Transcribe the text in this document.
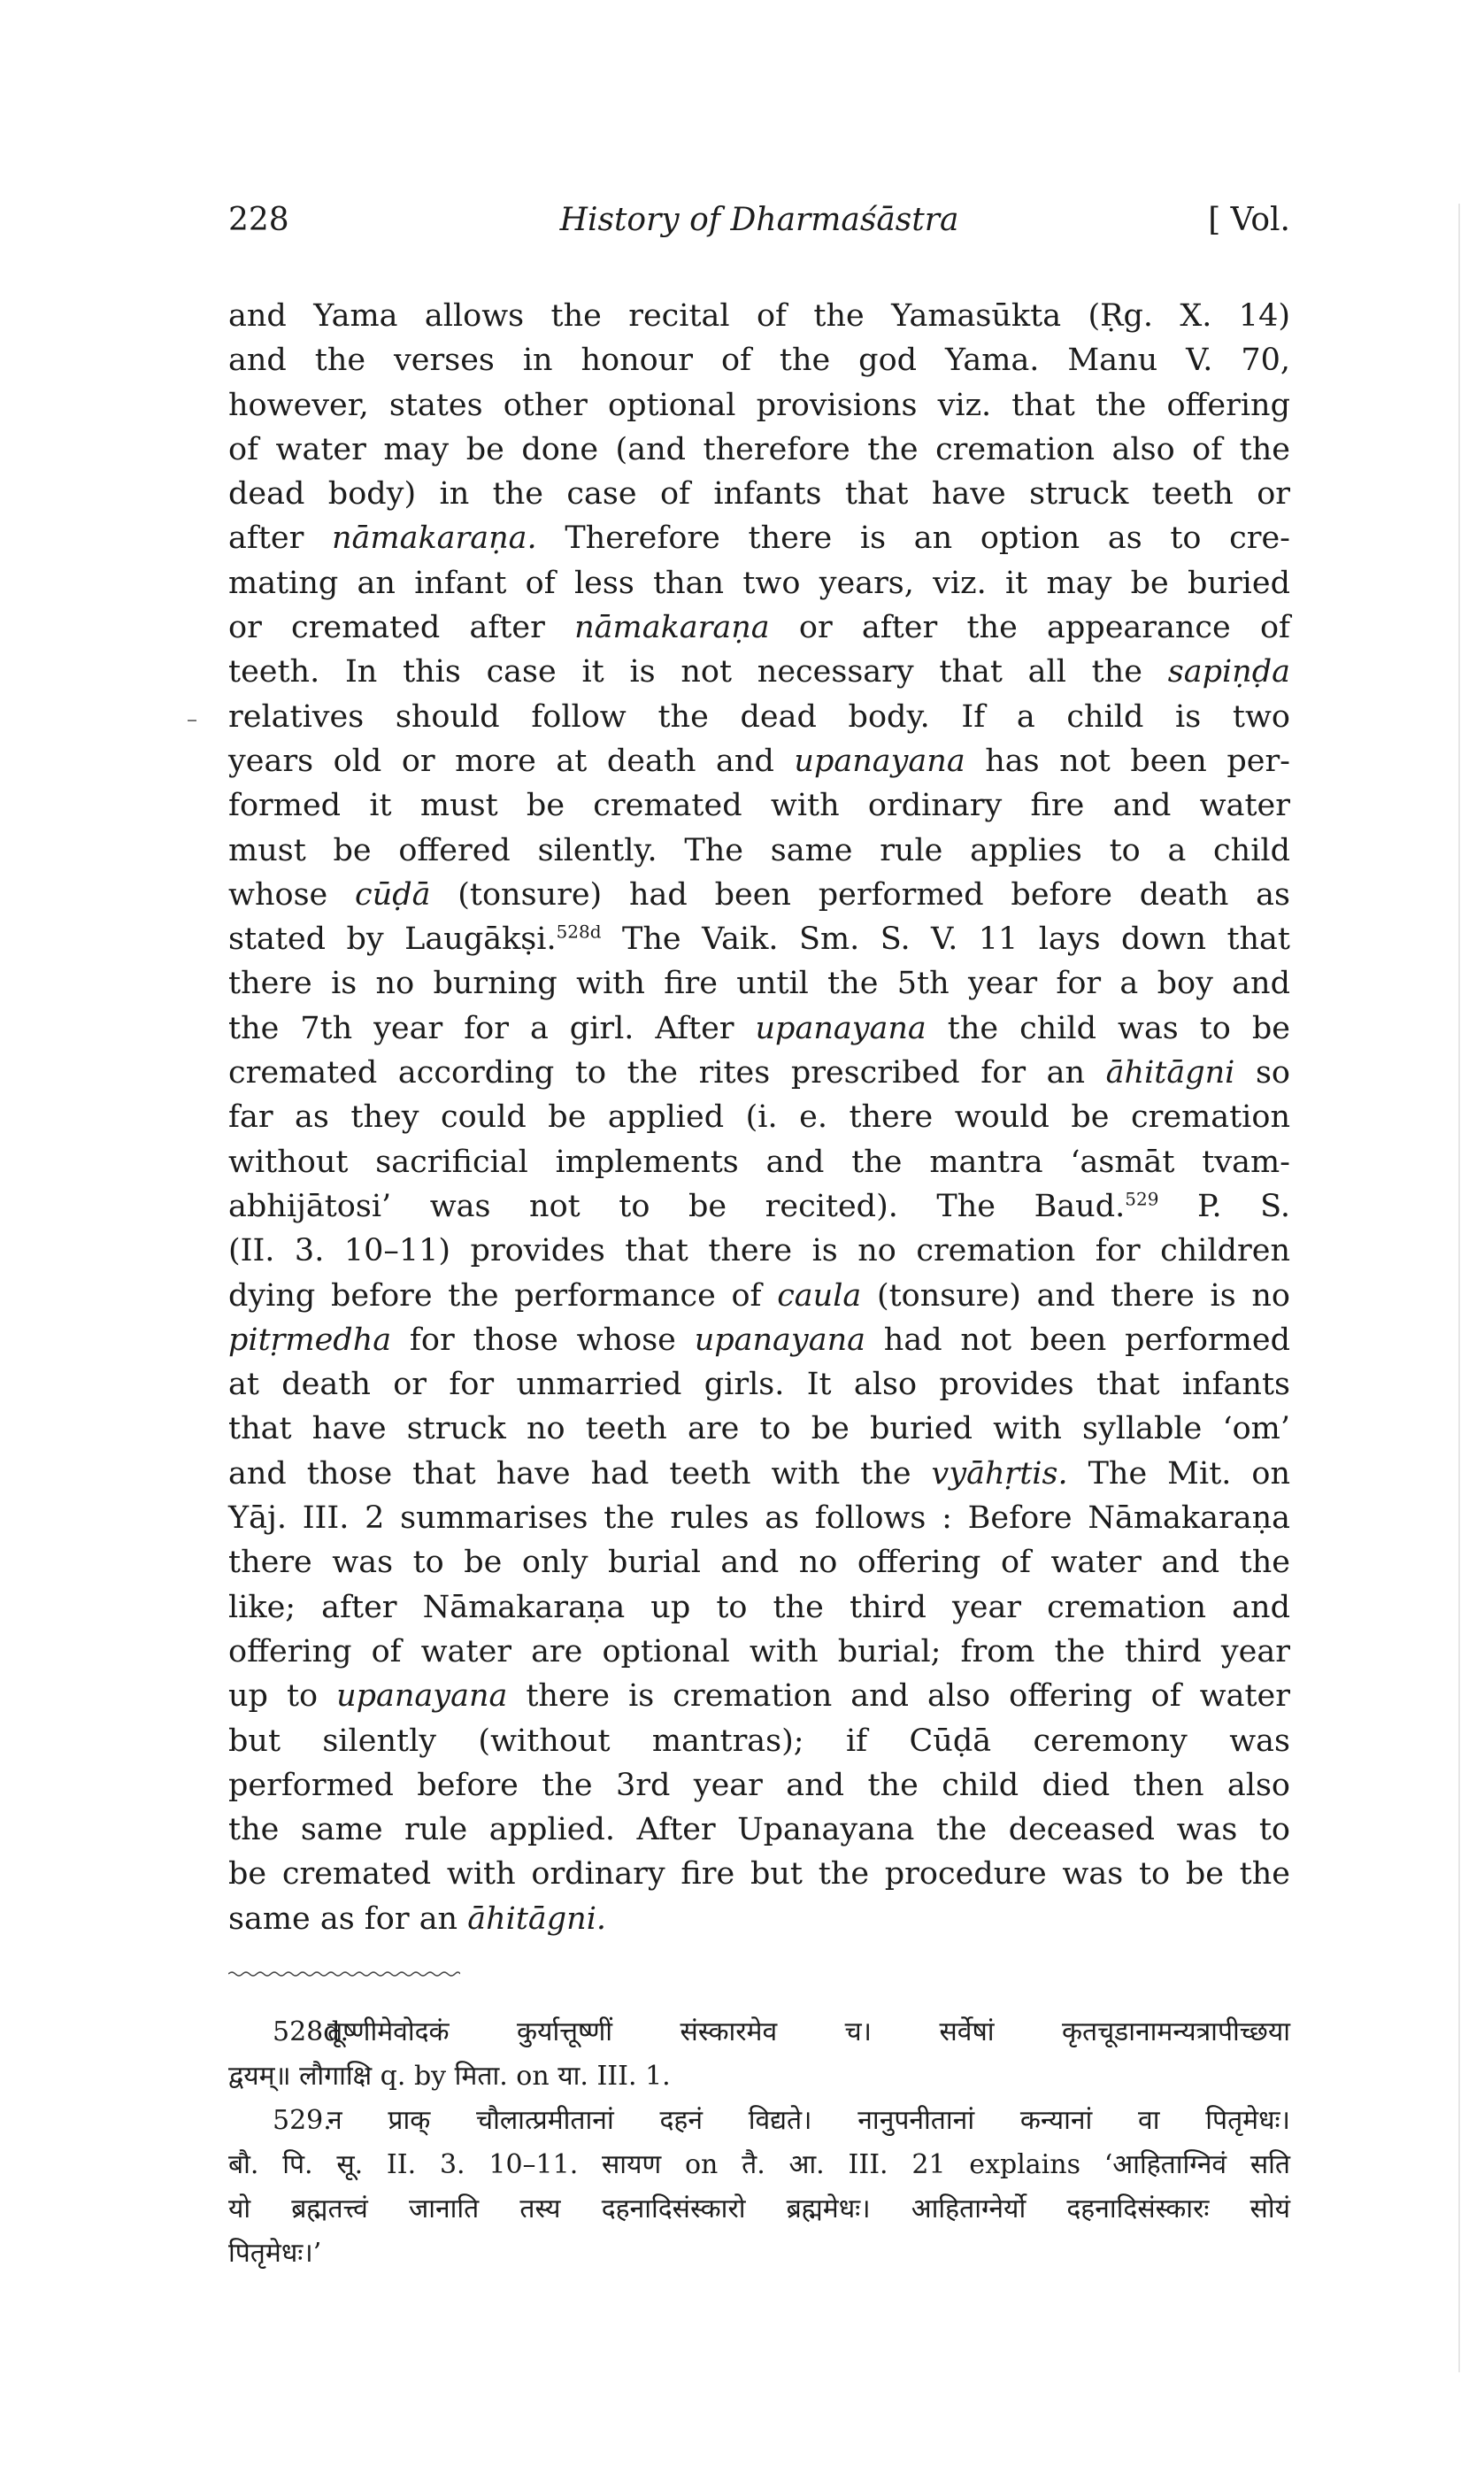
228	History of Dharmaśāstra	[ Vol.
and Yama allows the recital of the Yamasūkta (Ṛg. X. 14)
and the verses in honour of the god Yama. Manu V. 70,
however, states other optional provisions viz. that the offering
of water may be done (and therefore the cremation also of the
dead body) in the case of infants that have struck teeth or
after nāmakaraṇa. Therefore there is an option as to cre-
mating an infant of less than two years, viz. it may be buried
or cremated after nāmakaraṇa or after the appearance of
teeth. In this case it is not necessary that all the sapiṇḍa
relatives should follow the dead body. If a child is two
years old or more at death and upanayana has not been per-
formed it must be cremated with ordinary fire and water
must be offered silently. The same rule applies to a child
whose cūḍā (tonsure) had been performed before death as
stated by Laugākṣi.$^{528d}$ The Vaik. Sm. S. V. 11 lays down that
there is no burning with fire until the 5th year for a boy and
the 7th year for a girl. After upanayana the child was to be
cremated according to the rites prescribed for an āhitāgni so
far as they could be applied (i. e. there would be cremation
without sacrificial implements and the mantra ‘asmāt tvam-
abhijātosi’ was not to be recited). The Baud.$^{529}$ P. S.
(II. 3. 10–11) provides that there is no cremation for children
dying before the performance of caula (tonsure) and there is no
pitṛmedha for those whose upanayana had not been performed
at death or for unmarried girls. It also provides that infants
that have struck no teeth are to be buried with syllable ‘om’
and those that have had teeth with the vyāhṛtis. The Mit. on
Yāj. III. 2 summarises the rules as follows : Before Nāmakaraṇa
there was to be only burial and no offering of water and the
like; after Nāmakaraṇa up to the third year cremation and
offering of water are optional with burial; from the third year
up to upanayana there is cremation and also offering of water
but silently (without mantras); if Cūḍā ceremony was
performed before the 3rd year and the child died then also
the same rule applied. After Upanayana the deceased was to
be cremated with ordinary fire but the procedure was to be the
same as for an āhitāgni.
528d.तूष्णीमेवोदकं कुर्यात्तूष्णीं संस्कारमेव च। सर्वेषां कृतचूडानामन्यत्रापीच्छया
द्वयम्॥ लौगाक्षि q. by मिता. on या. III. 1.
529.न प्राक् चौलात्प्रमीतानां दहनं विद्यते। नानुपनीतानां कन्यानां वा पितृमेधः।
बौ. पि. सू. II. 3. 10–11. सायण on तै. आ. III. 21 explains ‘आहिताग्निवं सति
यो ब्रह्मतत्त्वं जानाति तस्य दहनादिसंस्कारो ब्रह्ममेधः। आहिताग्नेर्यो दहनादिसंस्कारः सोयं
पितृमेधः।’
